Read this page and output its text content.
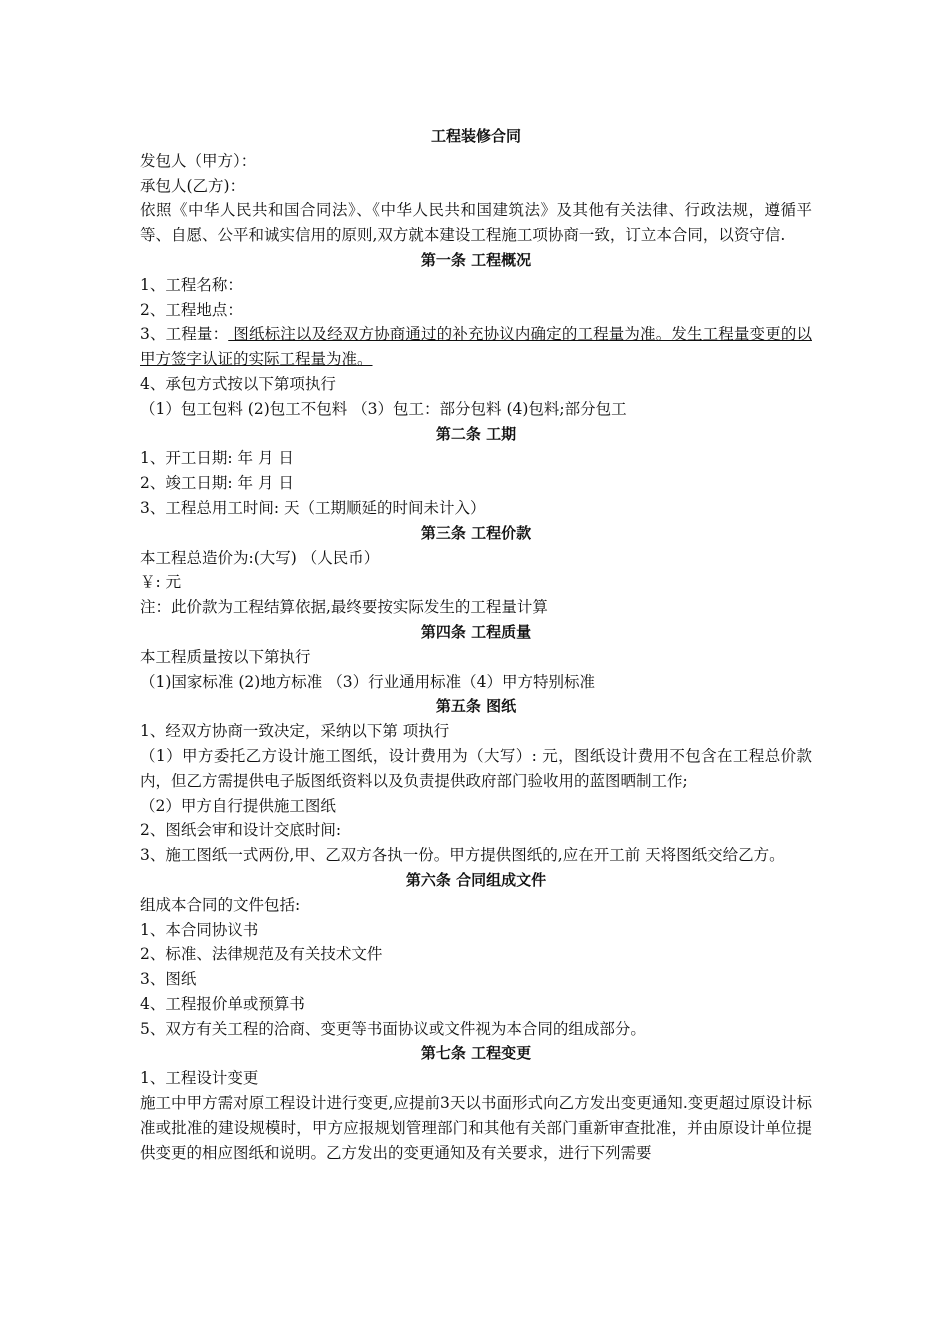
工程装修合同

发包人（甲方）：

承包人(乙方)：

依照《中华人民共和国合同法》、《中华人民共和国建筑法》及其他有关法律、行政法规，遵循平等、自愿、公平和诚实信用的原则,双方就本建设工程施工项协商一致，订立本合同，以资守信.

第一条 工程概况

1、工程名称：

2、工程地点：

3、工程量： 图纸标注以及经双方协商通过的补充协议内确定的工程量为准。发生工程量变更的以甲方签字认证的实际工程量为准。

4、承包方式按以下第项执行

（1）包工包料 (2)包工不包料 （3）包工：部分包料 (4)包料;部分包工

第二条 工期

1、开工日期: 年 月 日

2、竣工日期: 年 月 日

3、工程总用工时间: 天（工期顺延的时间未计入）

第三条 工程价款

本工程总造价为:(大写) （人民币）

￥: 元

注：此价款为工程结算依据,最终要按实际发生的工程量计算

第四条 工程质量

本工程质量按以下第执行

（1)国家标准 (2)地方标准 （3）行业通用标准（4）甲方特别标准

第五条 图纸

1、经双方协商一致决定，采纳以下第 项执行

（1）甲方委托乙方设计施工图纸，设计费用为（大写）: 元，图纸设计费用不包含在工程总价款内，但乙方需提供电子版图纸资料以及负责提供政府部门验收用的蓝图晒制工作;

（2）甲方自行提供施工图纸

2、图纸会审和设计交底时间:

3、施工图纸一式两份,甲、乙双方各执一份。甲方提供图纸的,应在开工前 天将图纸交给乙方。

第六条 合同组成文件

组成本合同的文件包括:

1、本合同协议书

2、标准、法律规范及有关技术文件

3、图纸

4、工程报价单或预算书

5、双方有关工程的洽商、变更等书面协议或文件视为本合同的组成部分。

第七条 工程变更

1、工程设计变更

施工中甲方需对原工程设计进行变更,应提前3天以书面形式向乙方发出变更通知.变更超过原设计标准或批准的建设规模时，甲方应报规划管理部门和其他有关部门重新审查批准，并由原设计单位提供变更的相应图纸和说明。乙方发出的变更通知及有关要求，进行下列需要
